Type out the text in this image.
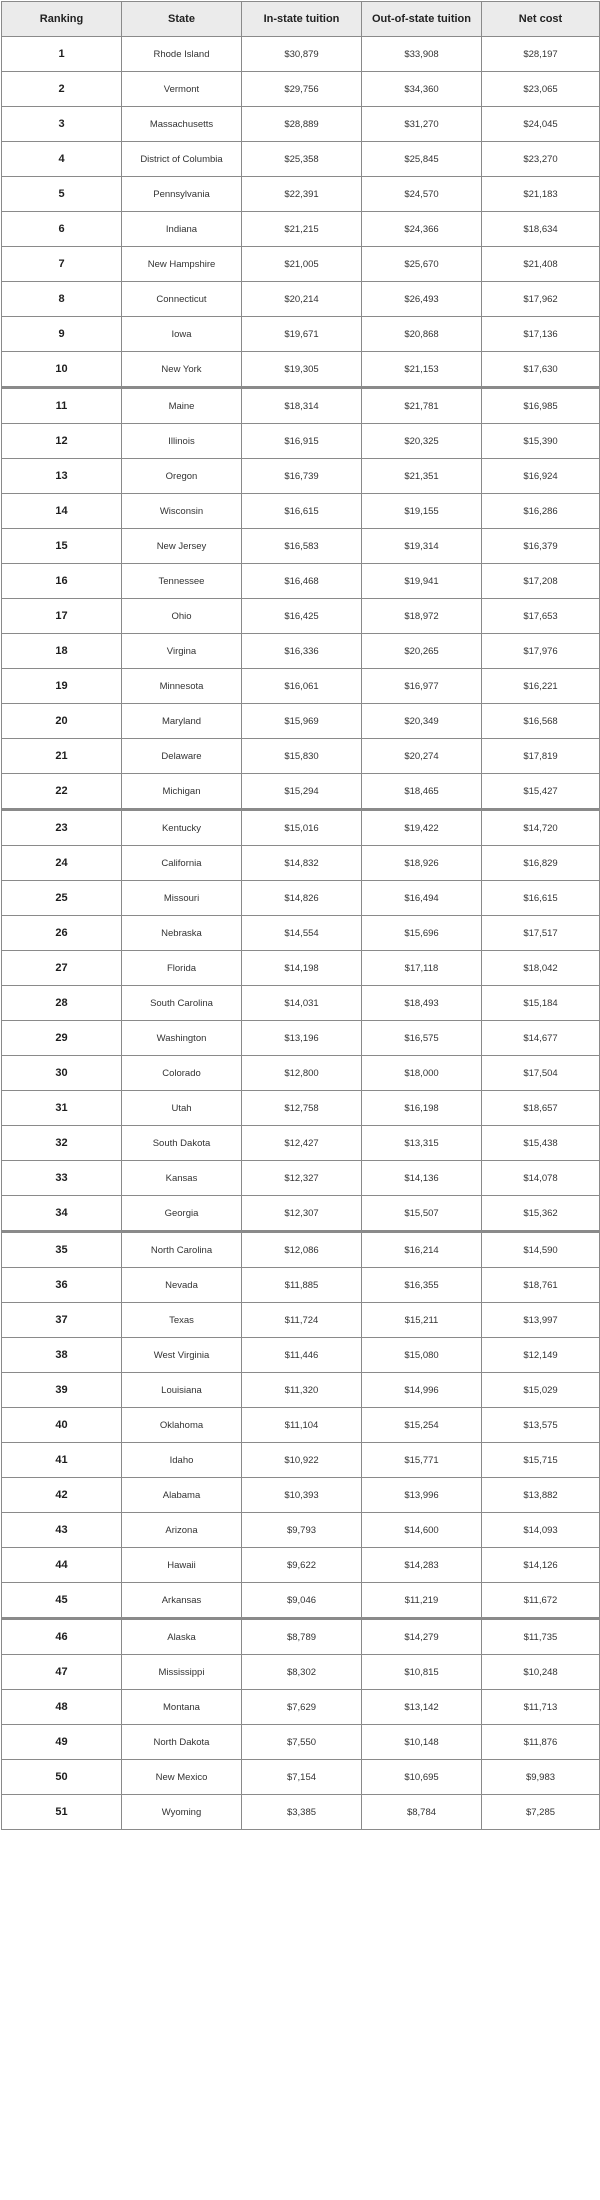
Ranking	State	In-state tuition	Out-of-state tuition	Net cost
1	Rhode Island	$30,879	$33,908	$28,197
2	Vermont	$29,756	$34,360	$23,065
3	Massachusetts	$28,889	$31,270	$24,045
4	District of Columbia	$25,358	$25,845	$23,270
5	Pennsylvania	$22,391	$24,570	$21,183
6	Indiana	$21,215	$24,366	$18,634
7	New Hampshire	$21,005	$25,670	$21,408
8	Connecticut	$20,214	$26,493	$17,962
9	Iowa	$19,671	$20,868	$17,136
10	New York	$19,305	$21,153	$17,630
11	Maine	$18,314	$21,781	$16,985
12	Illinois	$16,915	$20,325	$15,390
13	Oregon	$16,739	$21,351	$16,924
14	Wisconsin	$16,615	$19,155	$16,286
15	New Jersey	$16,583	$19,314	$16,379
16	Tennessee	$16,468	$19,941	$17,208
17	Ohio	$16,425	$18,972	$17,653
18	Virgina	$16,336	$20,265	$17,976
19	Minnesota	$16,061	$16,977	$16,221
20	Maryland	$15,969	$20,349	$16,568
21	Delaware	$15,830	$20,274	$17,819
22	Michigan	$15,294	$18,465	$15,427
23	Kentucky	$15,016	$19,422	$14,720
24	California	$14,832	$18,926	$16,829
25	Missouri	$14,826	$16,494	$16,615
26	Nebraska	$14,554	$15,696	$17,517
27	Florida	$14,198	$17,118	$18,042
28	South Carolina	$14,031	$18,493	$15,184
29	Washington	$13,196	$16,575	$14,677
30	Colorado	$12,800	$18,000	$17,504
31	Utah	$12,758	$16,198	$18,657
32	South Dakota	$12,427	$13,315	$15,438
33	Kansas	$12,327	$14,136	$14,078
34	Georgia	$12,307	$15,507	$15,362
35	North Carolina	$12,086	$16,214	$14,590
36	Nevada	$11,885	$16,355	$18,761
37	Texas	$11,724	$15,211	$13,997
38	West Virginia	$11,446	$15,080	$12,149
39	Louisiana	$11,320	$14,996	$15,029
40	Oklahoma	$11,104	$15,254	$13,575
41	Idaho	$10,922	$15,771	$15,715
42	Alabama	$10,393	$13,996	$13,882
43	Arizona	$9,793	$14,600	$14,093
44	Hawaii	$9,622	$14,283	$14,126
45	Arkansas	$9,046	$11,219	$11,672
46	Alaska	$8,789	$14,279	$11,735
47	Mississippi	$8,302	$10,815	$10,248
48	Montana	$7,629	$13,142	$11,713
49	North Dakota	$7,550	$10,148	$11,876
50	New Mexico	$7,154	$10,695	$9,983
51	Wyoming	$3,385	$8,784	$7,285
